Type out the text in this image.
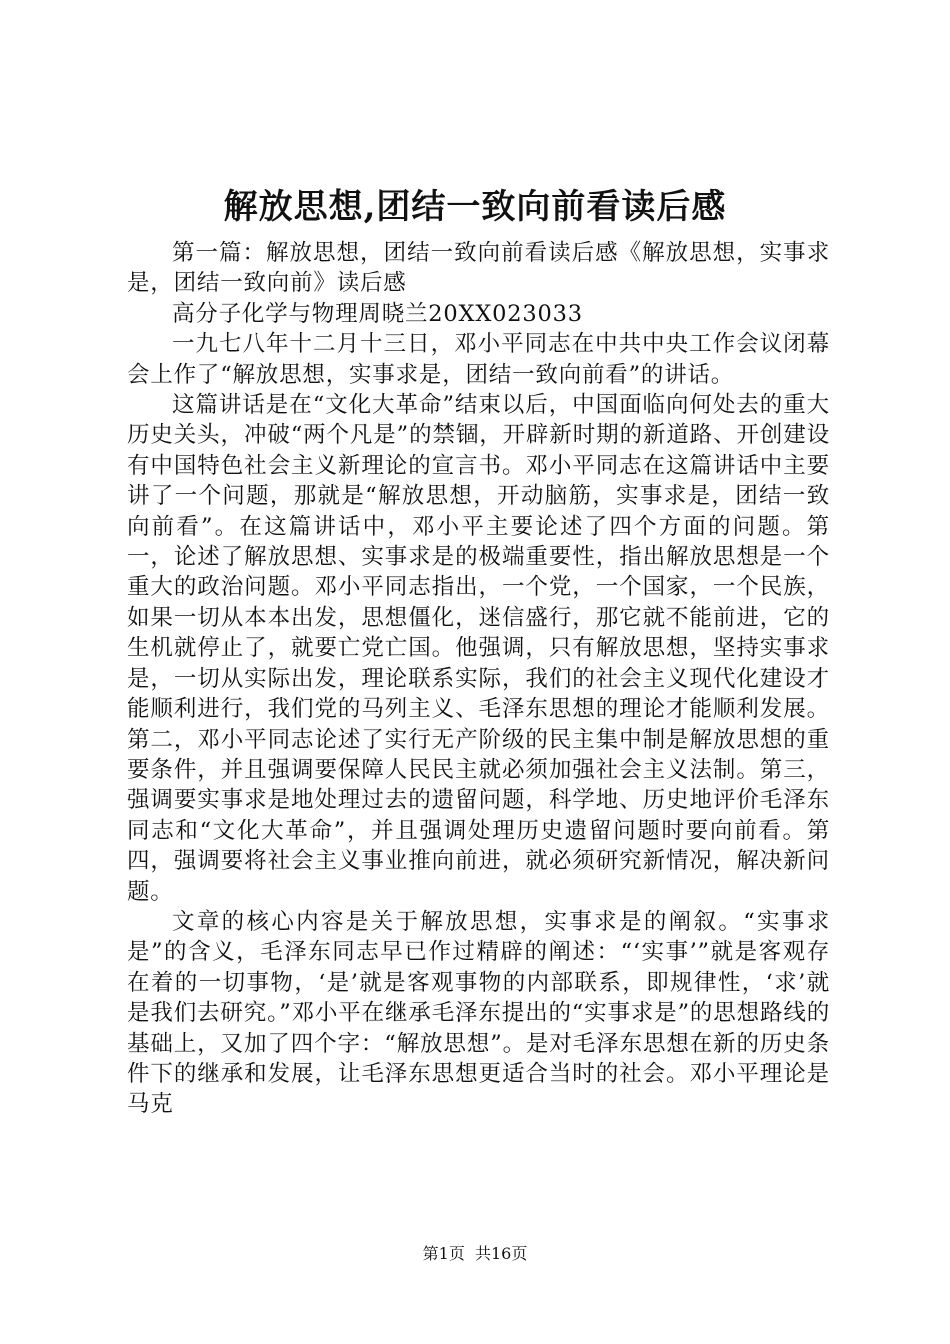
解放思想,团结一致向前看读后感

第一篇：解放思想，团结一致向前看读后感《解放思想，实事求是，团结一致向前》读后感

高分子化学与物理周晓兰20XX023033

一九七八年十二月十三日，邓小平同志在中共中央工作会议闭幕会上作了“解放思想，实事求是，团结一致向前看”的讲话。

这篇讲话是在“文化大革命”结束以后，中国面临向何处去的重大历史关头，冲破“两个凡是”的禁锢，开辟新时期的新道路、开创建设有中国特色社会主义新理论的宣言书。邓小平同志在这篇讲话中主要讲了一个问题，那就是“解放思想，开动脑筋，实事求是，团结一致向前看”。在这篇讲话中，邓小平主要论述了四个方面的问题。第一，论述了解放思想、实事求是的极端重要性，指出解放思想是一个重大的政治问题。邓小平同志指出，一个党，一个国家，一个民族，如果一切从本本出发，思想僵化，迷信盛行，那它就不能前进，它的生机就停止了，就要亡党亡国。他强调，只有解放思想，坚持实事求是，一切从实际出发，理论联系实际，我们的社会主义现代化建设才能顺利进行，我们党的马列主义、毛泽东思想的理论才能顺利发展。第二，邓小平同志论述了实行无产阶级的民主集中制是解放思想的重要条件，并且强调要保障人民民主就必须加强社会主义法制。第三，强调要实事求是地处理过去的遗留问题，科学地、历史地评价毛泽东同志和“文化大革命”，并且强调处理历史遗留问题时要向前看。第四，强调要将社会主义事业推向前进，就必须研究新情况，解决新问题。

文章的核心内容是关于解放思想，实事求是的阐叙。“实事求是”的含义，毛泽东同志早已作过精辟的阐述：“‘实事’”就是客观存在着的一切事物，‘是’就是客观事物的内部联系，即规律性，‘求’就是我们去研究。”邓小平在继承毛泽东提出的“实事求是”的思想路线的基础上，又加了四个字：“解放思想”。是对毛泽东思想在新的历史条件下的继承和发展，让毛泽东思想更适合当时的社会。邓小平理论是马克

第1页  共16页
